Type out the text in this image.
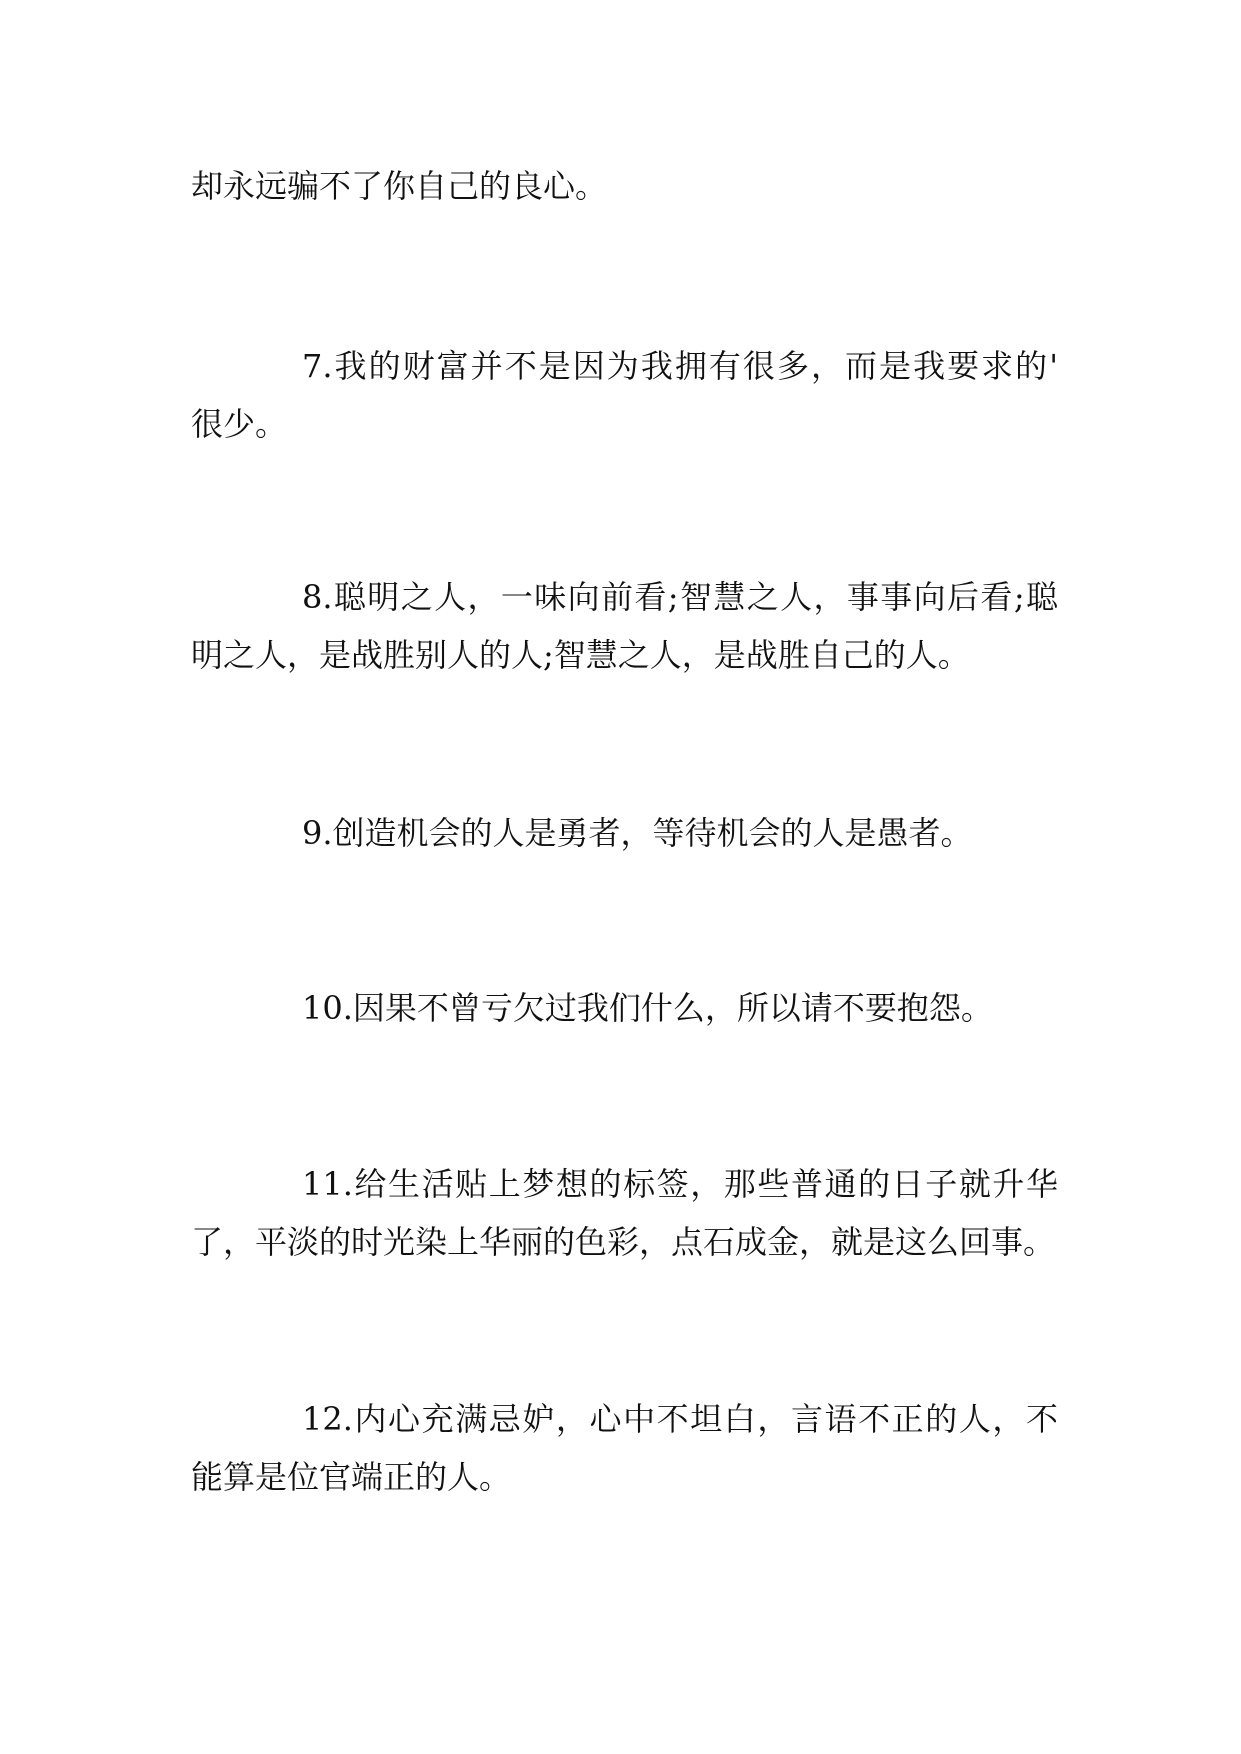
却永远骗不了你自己的良心。
7.我的财富并不是因为我拥有很多，而是我要求的'
很少。
8.聪明之人，一味向前看;智慧之人，事事向后看;聪
明之人，是战胜别人的人;智慧之人，是战胜自己的人。
9.创造机会的人是勇者，等待机会的人是愚者。
10.因果不曾亏欠过我们什么，所以请不要抱怨。
11.给生活贴上梦想的标签，那些普通的日子就升华
了，平淡的时光染上华丽的色彩，点石成金，就是这么回事。
12.内心充满忌妒，心中不坦白，言语不正的人，不
能算是位官端正的人。
